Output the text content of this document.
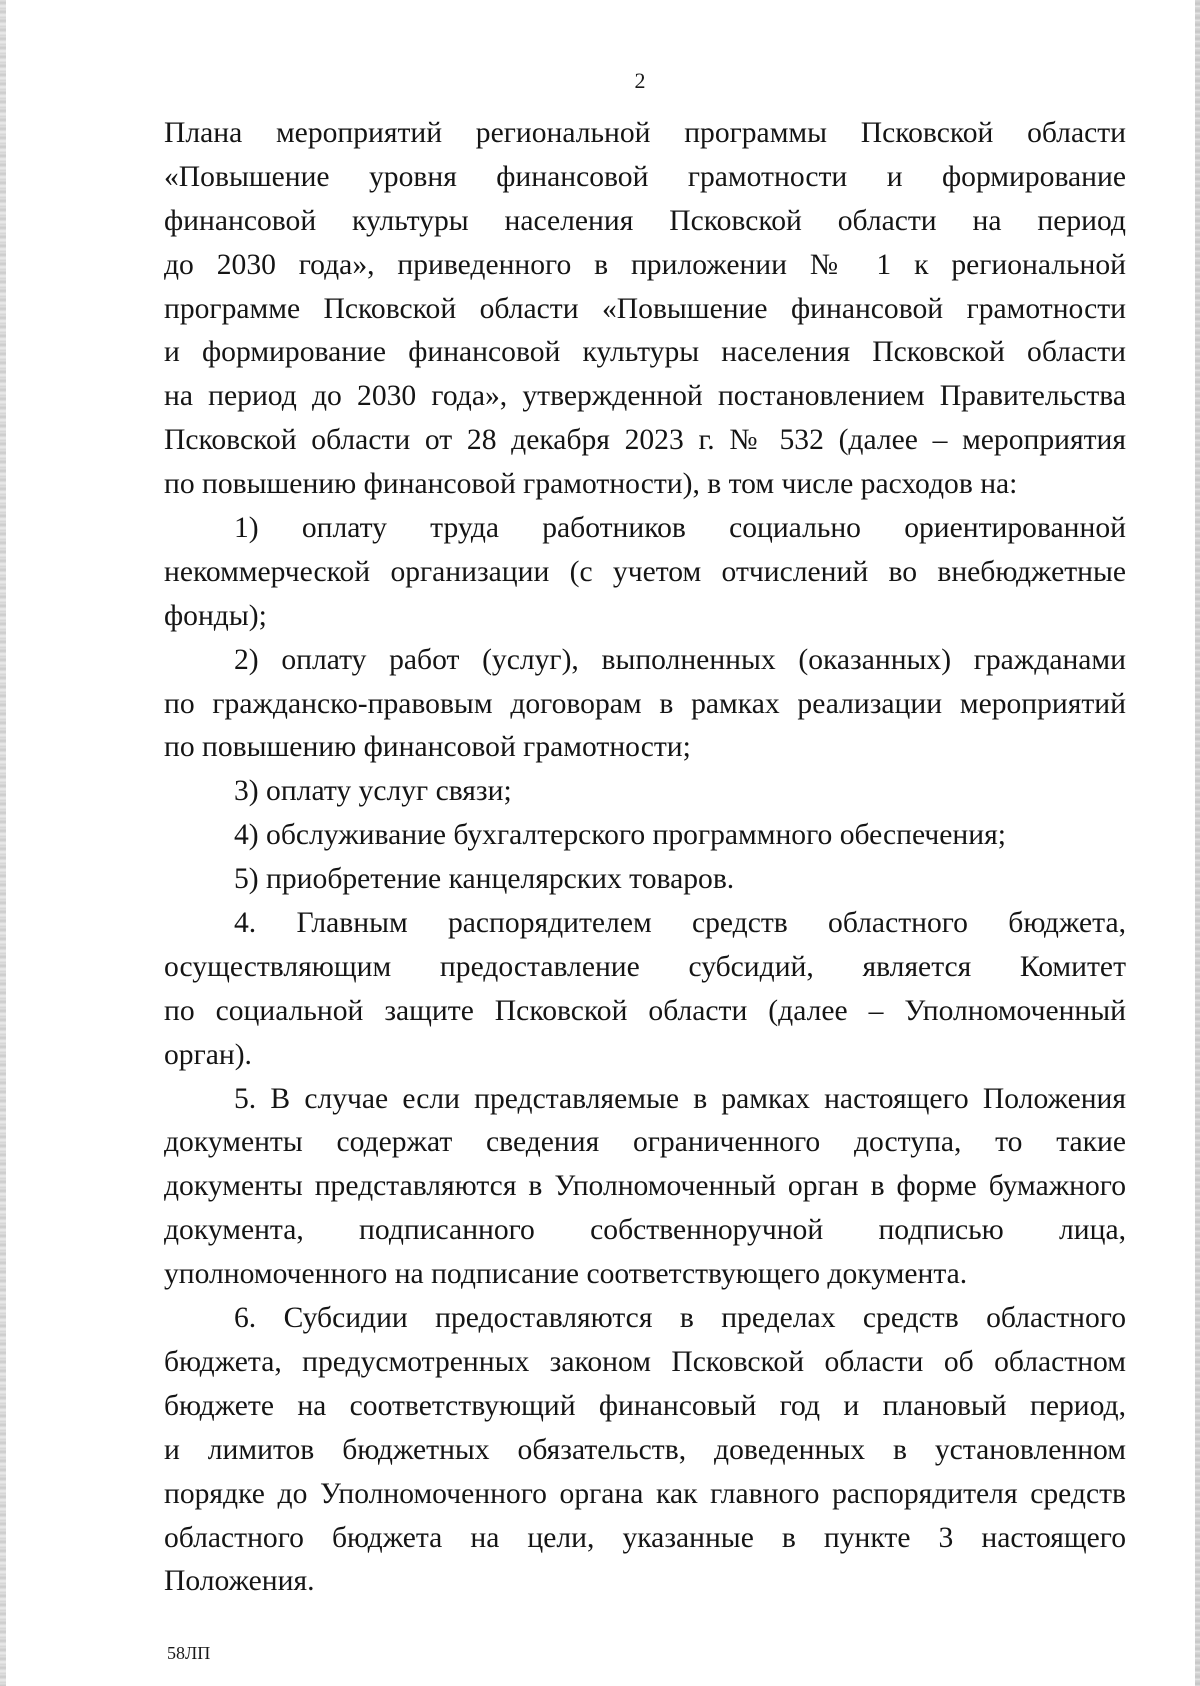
2
Плана мероприятий региональной программы Псковской области
«Повышение уровня финансовой грамотности и формирование
финансовой культуры населения Псковской области на период
до 2030 года», приведенного в приложении № 1 к региональной
программе Псковской области «Повышение финансовой грамотности
и формирование финансовой культуры населения Псковской области
на период до 2030 года», утвержденной постановлением Правительства
Псковской области от 28 декабря 2023 г. № 532 (далее – мероприятия
по повышению финансовой грамотности), в том числе расходов на:
1) оплату труда работников социально ориентированной
некоммерческой организации (с учетом отчислений во внебюджетные
фонды);
2) оплату работ (услуг), выполненных (оказанных) гражданами
по гражданско-правовым договорам в рамках реализации мероприятий
по повышению финансовой грамотности;
3) оплату услуг связи;
4) обслуживание бухгалтерского программного обеспечения;
5) приобретение канцелярских товаров.
4. Главным распорядителем средств областного бюджета,
осуществляющим предоставление субсидий, является Комитет
по социальной защите Псковской области (далее – Уполномоченный
орган).
5. В случае если представляемые в рамках настоящего Положения
документы содержат сведения ограниченного доступа, то такие
документы представляются в Уполномоченный орган в форме бумажного
документа, подписанного собственноручной подписью лица,
уполномоченного на подписание соответствующего документа.
6. Субсидии предоставляются в пределах средств областного
бюджета, предусмотренных законом Псковской области об областном
бюджете на соответствующий финансовый год и плановый период,
и лимитов бюджетных обязательств, доведенных в установленном
порядке до Уполномоченного органа как главного распорядителя средств
областного бюджета на цели, указанные в пункте 3 настоящего
Положения.
58ЛП
